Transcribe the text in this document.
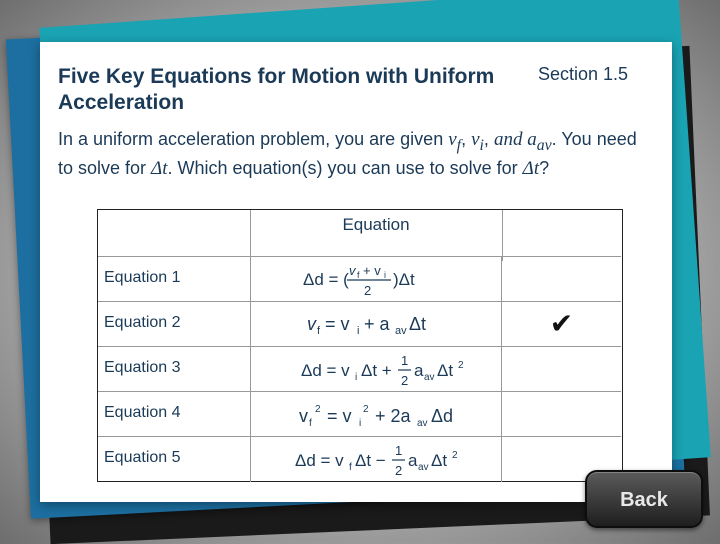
Five Key Equations for Motion with Uniform Acceleration
Section 1.5
In a uniform acceleration problem, you are given $v_f$, $v_i$, and $a_{av}$. You need to solve for Δt. Which equation(s) you can use to solve for Δt?
Equation
Equation 1	Δd = ( v f + v i
2
)Δt
Equation 2	v f = v i + a av Δt	✔
Equation 3	Δd = v i Δt +
1
2
a av Δt 2
Equation 4	v f
2 = v i
2 + 2a av Δd
Equation 5	Δd = v f Δt −
1
2
a av Δt 2
Back
